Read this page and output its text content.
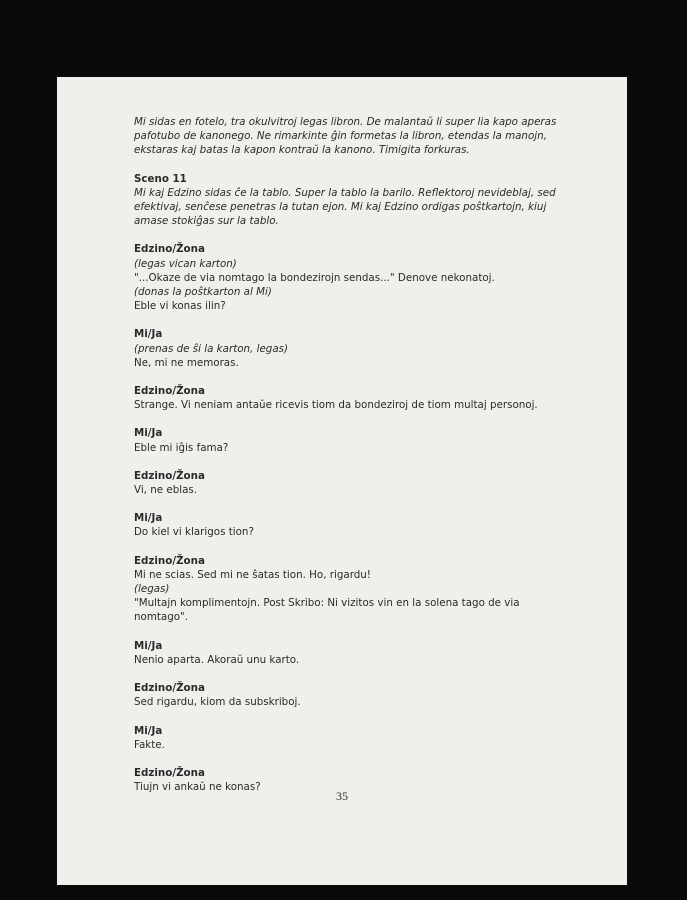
Mi sidas en fotelo, tra okulvitroj legas libron. De malantaŭ li super lia kapo aperas pafotubo de kanonego. Ne rimarkinte ĝin formetas la libron, etendas la manojn, ekstaras kaj batas la kapon kontraŭ la kanono. Timigita forkuras.

Sceno 11

Mi kaj Edzino sidas ĉe la tablo. Super la tablo la barilo. Reflektoroj nevideblaj, sed efektivaj, senĉese penetras la tutan ejon. Mi kaj Edzino ordigas poŝtkartojn, kiuj amase stokiĝas sur la tablo.

Edzino/Žona

(legas vican karton)

"...Okaze de via nomtago la bondezirojn sendas..." Denove nekonatoj.

(donas la poŝtkarton al Mi)

Eble vi konas ilin?

Mi/Ja

(prenas de ŝi la karton, legas)

Ne, mi ne memoras.

Edzino/Žona

Strange. Vi neniam antaŭe ricevis tiom da bondeziroj de tiom multaj personoj.

Mi/Ja

Eble mi iĝis fama?

Edzino/Žona

Vi, ne eblas.

Mi/Ja

Do kiel vi klarigos tion?

Edzino/Žona

Mi ne scias. Sed mi ne ŝatas tion. Ho, rigardu!

(legas)

"Multajn komplimentojn. Post Skribo: Ni vizitos vin en la solena tago de via nomtago".

Mi/Ja

Nenio aparta. Akoraŭ unu karto.

Edzino/Žona

Sed rigardu, kiom da subskriboj.

Mi/Ja

Fakte.

Edzino/Žona

Tiujn vi ankaŭ ne konas?

35
